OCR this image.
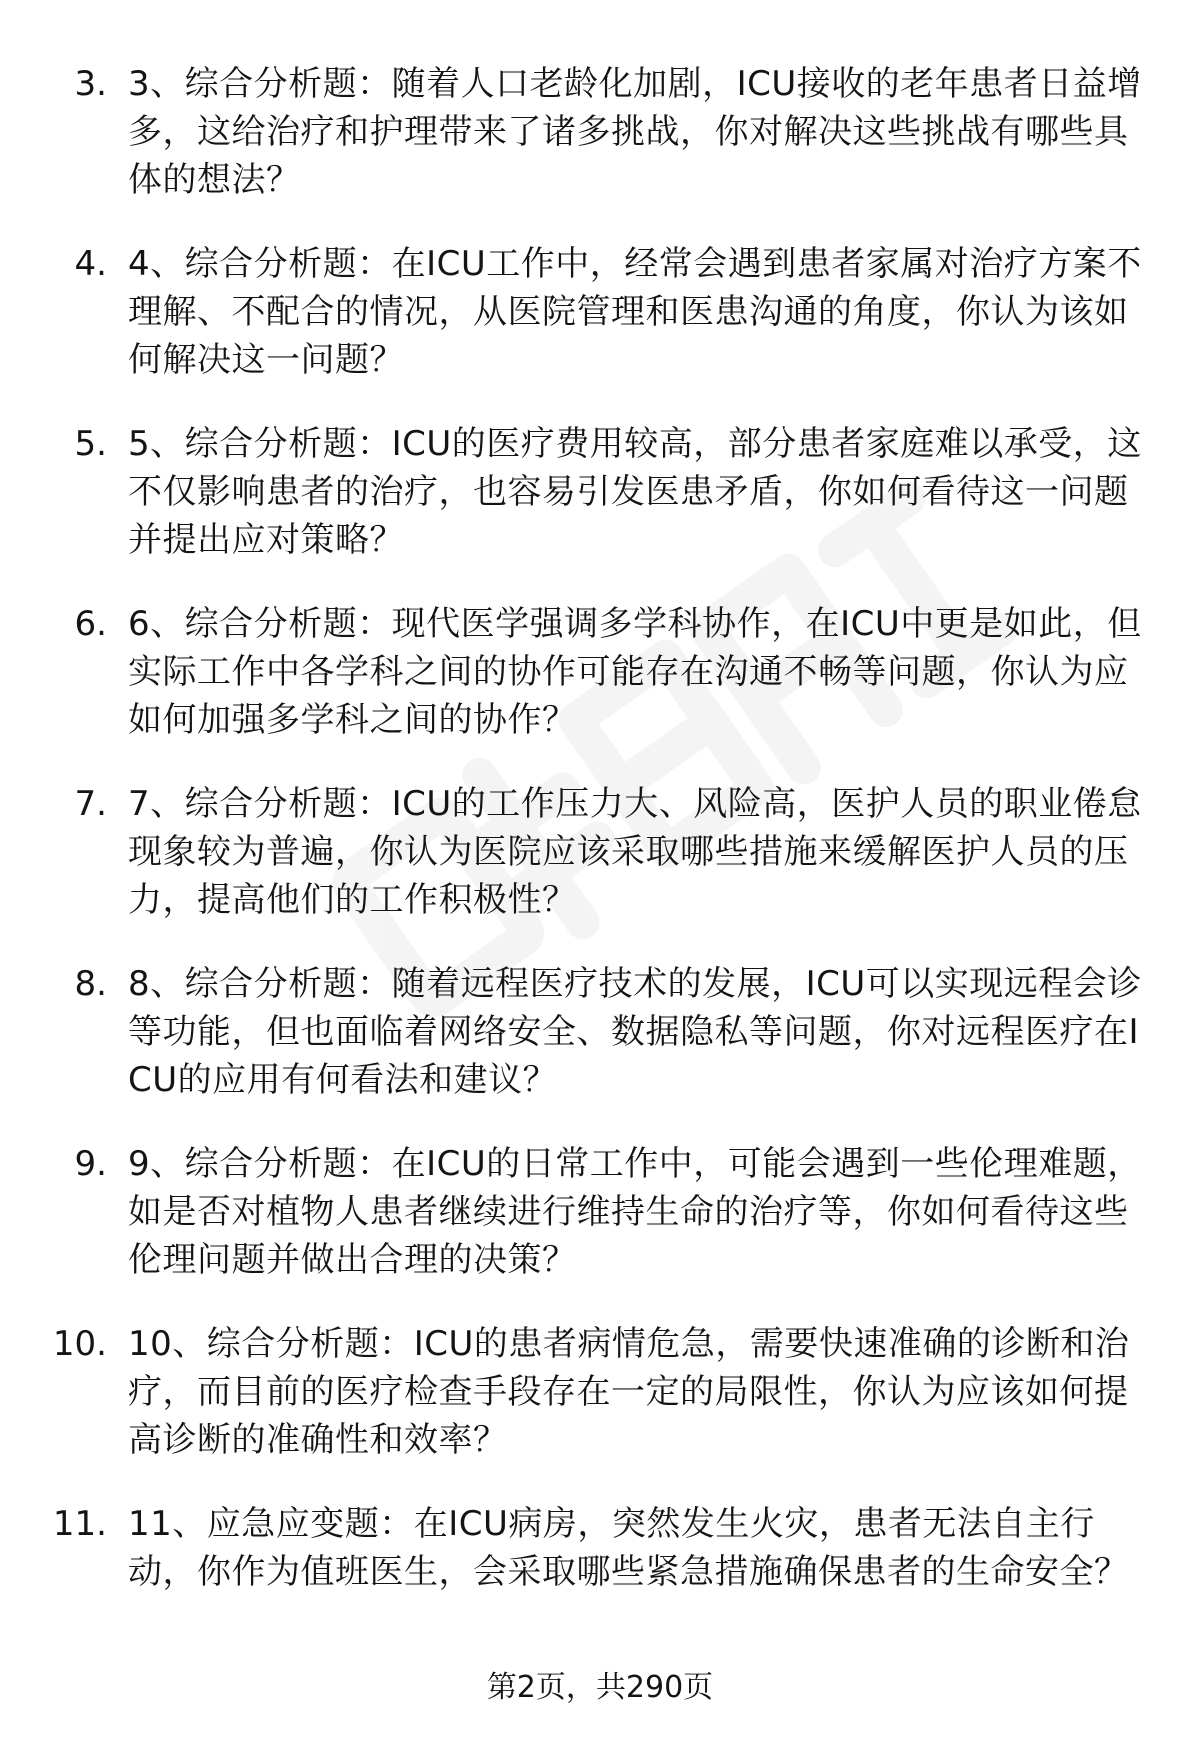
3. 3、综合分析题：随着人口老龄化加剧，ICU接收的老年患者日益增多，这给治疗和护理带来了诸多挑战，你对解决这些挑战有哪些具体的想法？
4. 4、综合分析题：在ICU工作中，经常会遇到患者家属对治疗方案不理解、不配合的情况，从医院管理和医患沟通的角度，你认为该如何解决这一问题？
5. 5、综合分析题：ICU的医疗费用较高，部分患者家庭难以承受，这不仅影响患者的治疗，也容易引发医患矛盾，你如何看待这一问题并提出应对策略？
6. 6、综合分析题：现代医学强调多学科协作，在ICU中更是如此，但实际工作中各学科之间的协作可能存在沟通不畅等问题，你认为应如何加强多学科之间的协作？
7. 7、综合分析题：ICU的工作压力大、风险高，医护人员的职业倦怠现象较为普遍，你认为医院应该采取哪些措施来缓解医护人员的压力，提高他们的工作积极性？
8. 8、综合分析题：随着远程医疗技术的发展，ICU可以实现远程会诊等功能，但也面临着网络安全、数据隐私等问题，你对远程医疗在ICU的应用有何看法和建议？
9. 9、综合分析题：在ICU的日常工作中，可能会遇到一些伦理难题，如是否对植物人患者继续进行维持生命的治疗等，你如何看待这些伦理问题并做出合理的决策？
10. 10、综合分析题：ICU的患者病情危急，需要快速准确的诊断和治疗，而目前的医疗检查手段存在一定的局限性，你认为应该如何提高诊断的准确性和效率？
11. 11、应急应变题：在ICU病房，突然发生火灾，患者无法自主行动，你作为值班医生，会采取哪些紧急措施确保患者的生命安全？
第2页，共290页
